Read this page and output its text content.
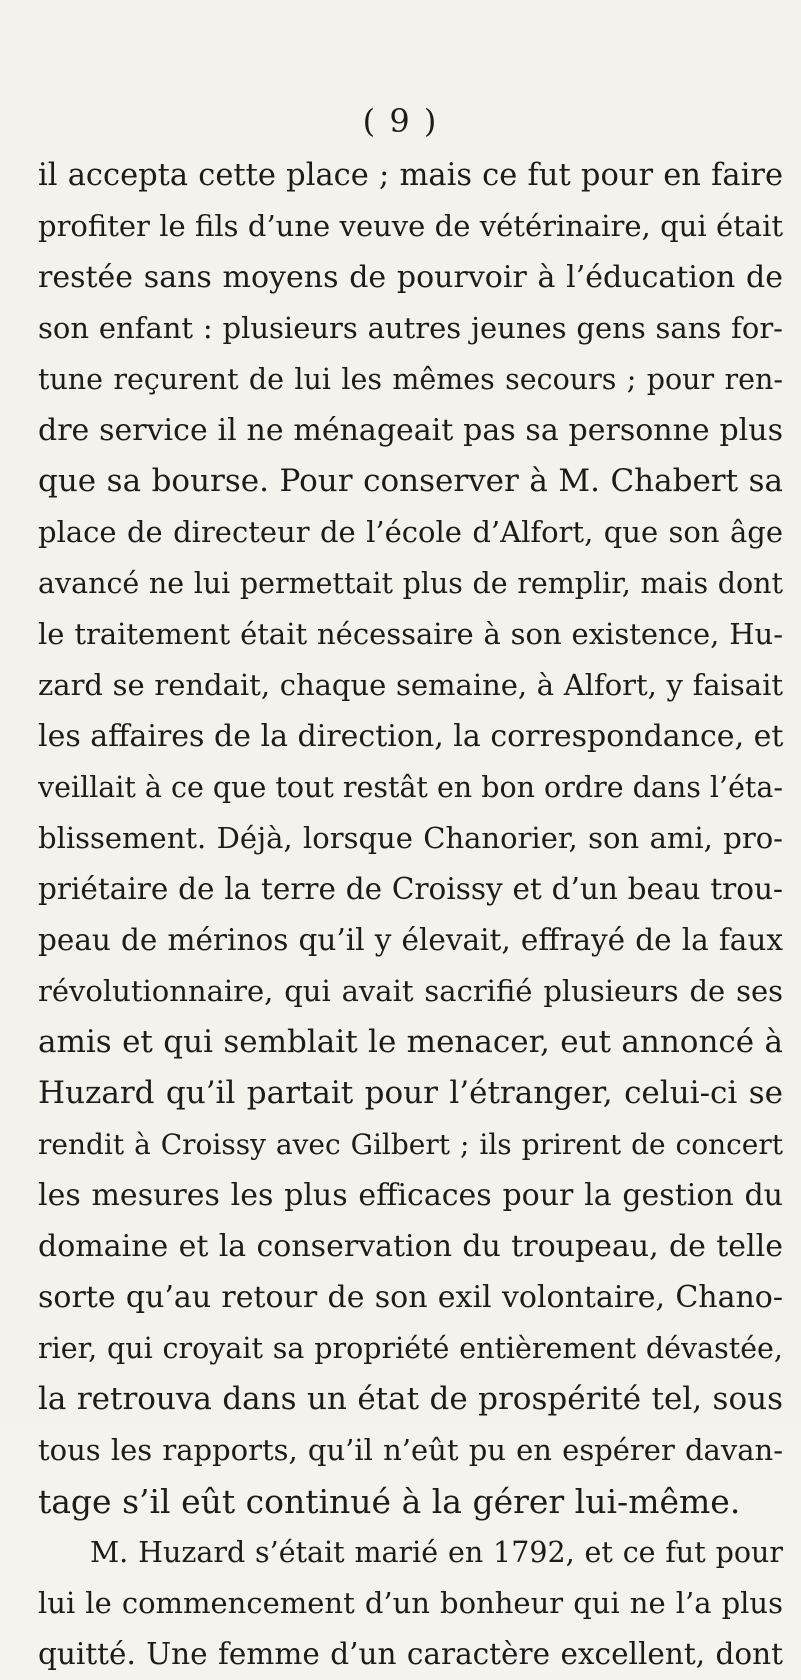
( 9 )
il accepta cette place ; mais ce fut pour en faire
profiter le fils d’une veuve de vétérinaire, qui était
restée sans moyens de pourvoir à l’éducation de
son enfant : plusieurs autres jeunes gens sans for-
tune reçurent de lui les mêmes secours ; pour ren-
dre service il ne ménageait pas sa personne plus
que sa bourse. Pour conserver à M. Chabert sa
place de directeur de l’école d’Alfort, que son âge
avancé ne lui permettait plus de remplir, mais dont
le traitement était nécessaire à son existence, Hu-
zard se rendait, chaque semaine, à Alfort, y faisait
les affaires de la direction, la correspondance, et
veillait à ce que tout restât en bon ordre dans l’éta-
blissement. Déjà, lorsque Chanorier, son ami, pro-
priétaire de la terre de Croissy et d’un beau trou-
peau de mérinos qu’il y élevait, effrayé de la faux
révolutionnaire, qui avait sacrifié plusieurs de ses
amis et qui semblait le menacer, eut annoncé à
Huzard qu’il partait pour l’étranger, celui-ci se
rendit à Croissy avec Gilbert ; ils prirent de concert
les mesures les plus efficaces pour la gestion du
domaine et la conservation du troupeau, de telle
sorte qu’au retour de son exil volontaire, Chano-
rier, qui croyait sa propriété entièrement dévastée,
la retrouva dans un état de prospérité tel, sous
tous les rapports, qu’il n’eût pu en espérer davan-
tage s’il eût continué à la gérer lui-même.
M. Huzard s’était marié en 1792, et ce fut pour
lui le commencement d’un bonheur qui ne l’a plus
quitté. Une femme d’un caractère excellent, dont
